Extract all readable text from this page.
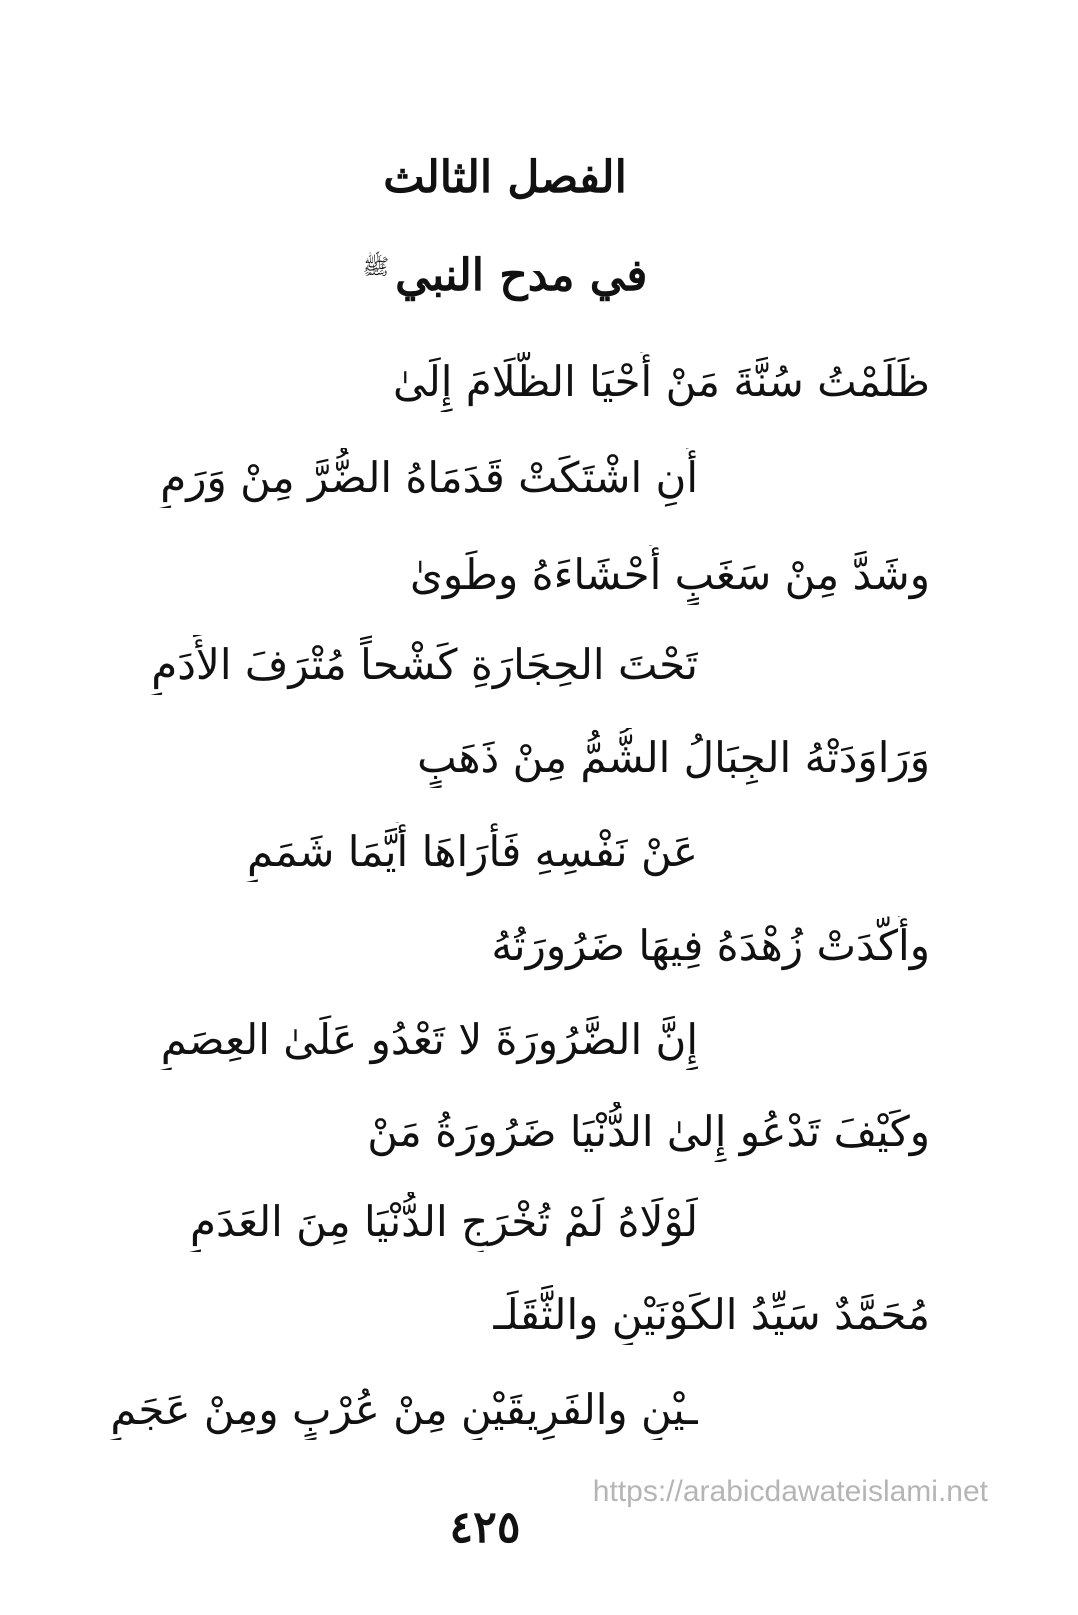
الفصل الثالث
في مدح النبي$^ﷺ$
ظَلَمْتُ سُنَّةَ مَنْ أَحْيَا الظَّلَامَ إِلَىٰ
أَنِ اشْتَكَتْ قَدَمَاهُ الضُّرَّ مِنْ وَرَمِ
وشَدَّ مِنْ سَغَبٍ أَحْشَاءَهُ وطَوىٰ
تَحْتَ الحِجَارَةِ كَشْحاً مُتْرَفَ الأَدَمِ
وَرَاوَدَتْهُ الجِبَالُ الشُّمُّ مِنْ ذَهَبٍ
عَنْ نَفْسِهِ فَأَرَاهَا أَيَّمَا شَمَمِ
وأَكَّدَتْ زُهْدَهُ فِيهَا ضَرُورَتُهُ
إِنَّ الضَّرُورَةَ لا تَعْدُو عَلَىٰ العِصَمِ
وكَيْفَ تَدْعُو إِلىٰ الدُّنْيَا ضَرُورَةُ مَنْ
لَوْلَاهُ لَمْ تُخْرَجِ الدُّنْيَا مِنَ العَدَمِ
مُحَمَّدٌ سَيِّدُ الكَوْنَيْنِ والثَّقَلَـ
ـيْنِ والفَرِيقَيْنِ مِنْ عُرْبٍ ومِنْ عَجَمِ
https://arabicdawateislami.net
٤٢٥
